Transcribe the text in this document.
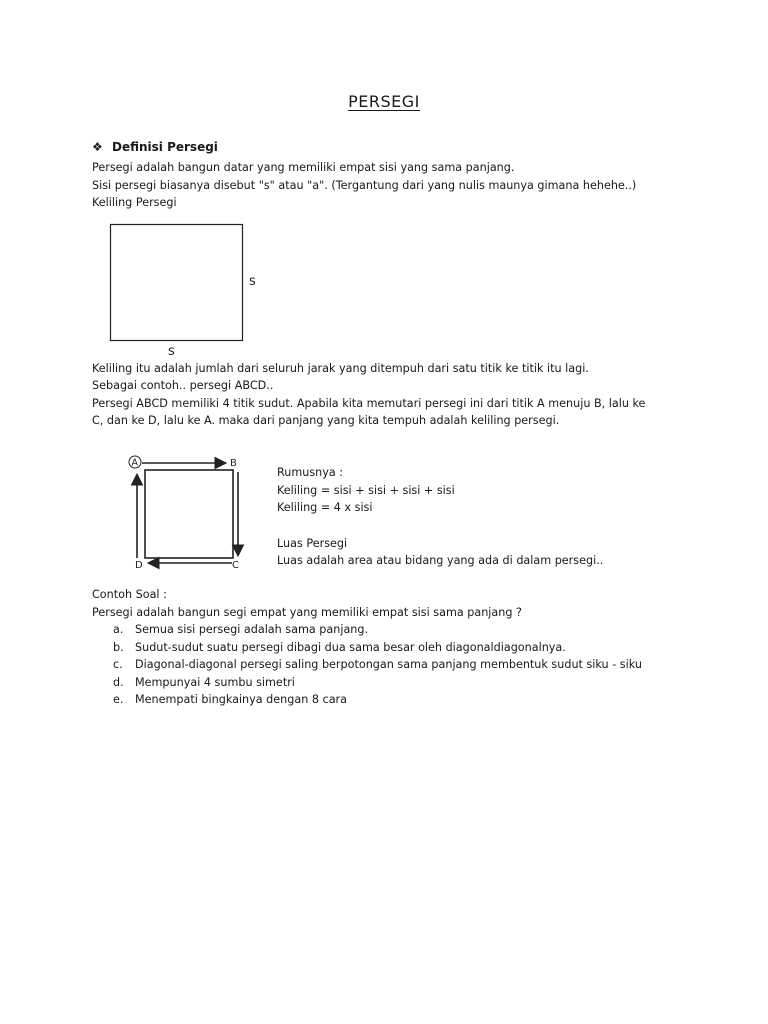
PERSEGI
❖ Definisi Persegi
Persegi adalah bangun datar yang memiliki empat sisi yang sama panjang.
Sisi persegi biasanya disebut "s" atau "a". (Tergantung dari yang nulis maunya gimana hehehe..)
Keliling Persegi
s
s
Keliling itu adalah jumlah dari seluruh jarak yang ditempuh dari satu titik ke titik itu lagi.
Sebagai contoh.. persegi ABCD..
Persegi ABCD memiliki 4 titik sudut. Apabila kita memutari persegi ini dari titik A menuju B, lalu ke
C, dan ke D, lalu ke A. maka dari panjang yang kita tempuh adalah keliling persegi.
A	B
C
D
Rumusnya :
Keliling = sisi + sisi + sisi + sisi
Keliling = 4 x sisi
Luas Persegi
Luas adalah area atau bidang yang ada di dalam persegi..
Contoh Soal :
Persegi adalah bangun segi empat yang memiliki empat sisi sama panjang ?
a. Semua sisi persegi adalah sama panjang.
b. Sudut-sudut suatu persegi dibagi dua sama besar oleh diagonaldiagonalnya.
c. Diagonal-diagonal persegi saling berpotongan sama panjang membentuk sudut siku - siku
d. Mempunyai 4 sumbu simetri
e. Menempati bingkainya dengan 8 cara
